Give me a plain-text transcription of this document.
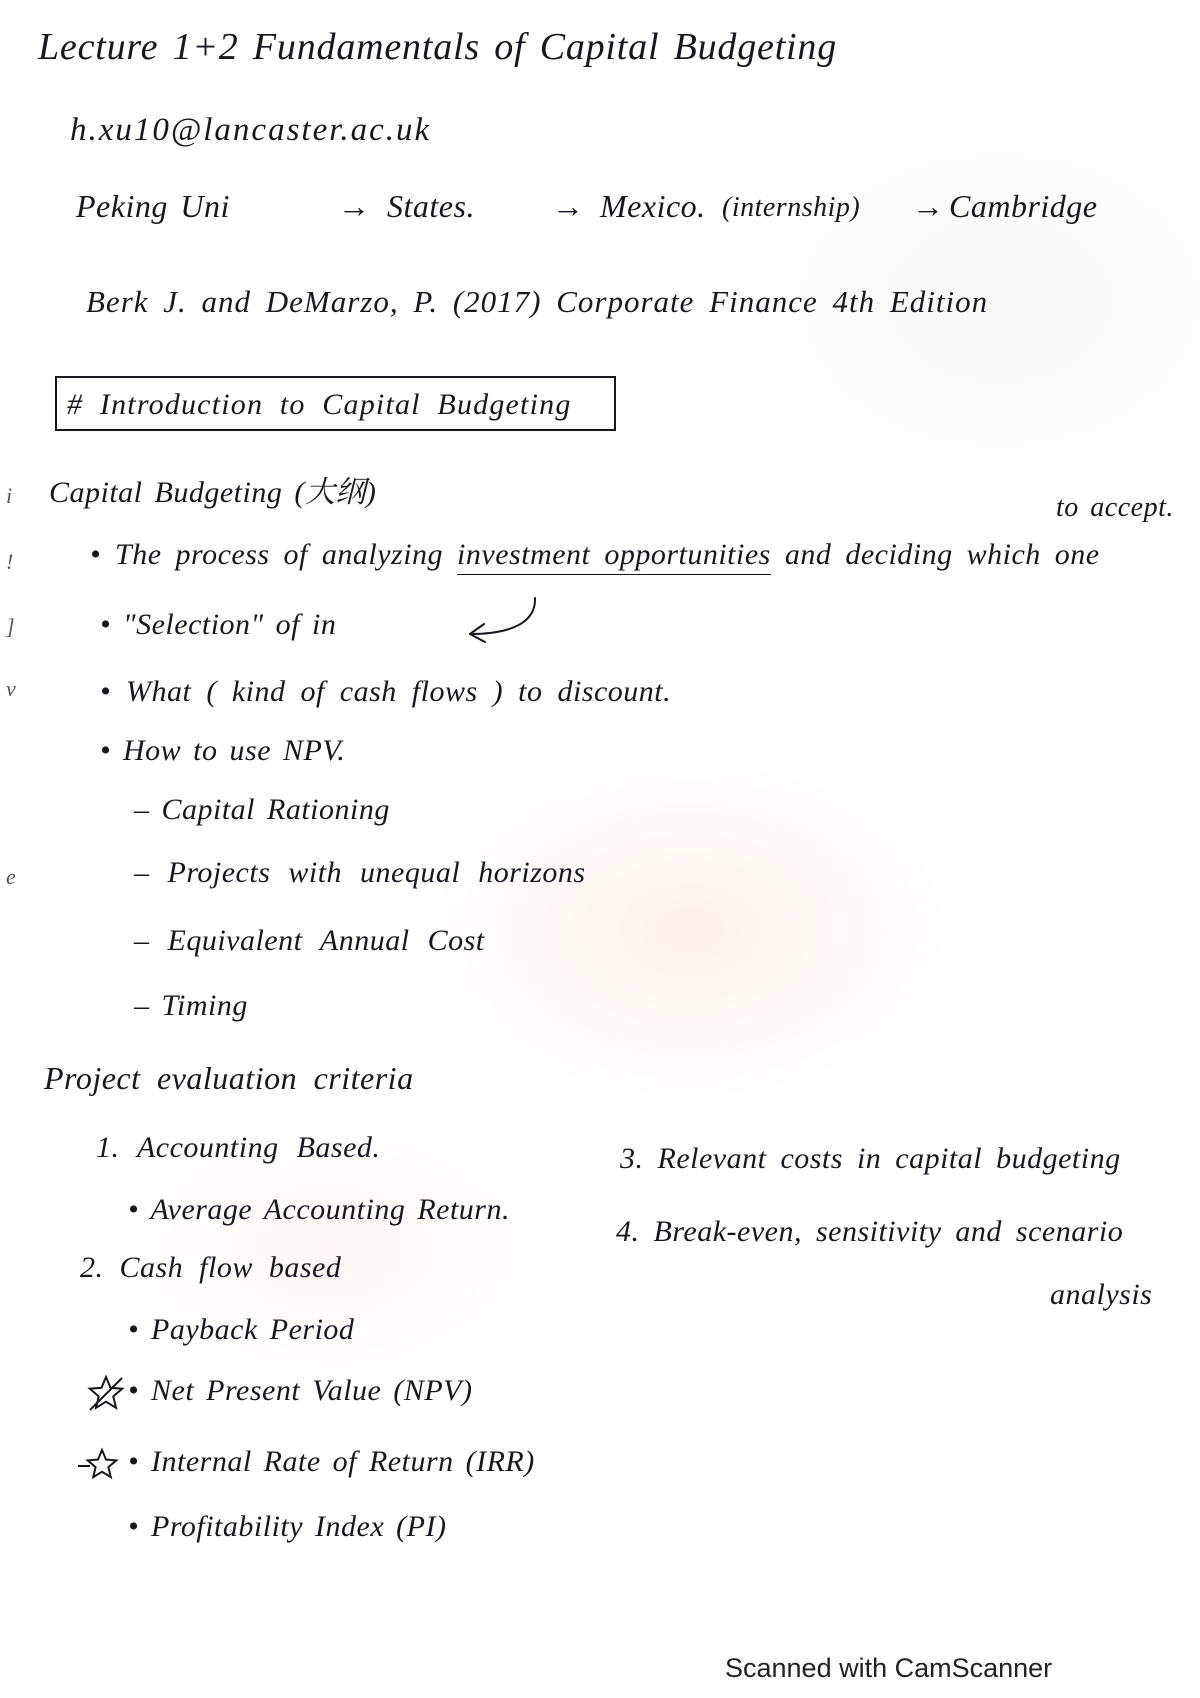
Lecture 1+2 Fundamentals of Capital Budgeting
h.xu10@lancaster.ac.uk
Peking Uni	→ States. → Mexico. (internship) → Cambridge
Berk J. and DeMarzo, P. (2017) Corporate Finance 4th Edition
# Introduction to Capital Budgeting
Capital Budgeting (大纲)	to accept.
• The process of analyzing investment opportunities and deciding which one
• "Selection" of in
• What ( kind of cash flows ) to discount.
• How to use NPV.
– Capital Rationing
– Projects with unequal horizons
– Equivalent Annual Cost
– Timing
Project evaluation criteria
1. Accounting Based.
• Average Accounting Return.
2. Cash flow based
• Payback Period
• Net Present Value (NPV)
• Internal Rate of Return (IRR)
• Profitability Index (PI)
3. Relevant costs in capital budgeting
4. Break-even, sensitivity and scenario
analysis
i
!
]
v
e
Scanned with CamScanner
